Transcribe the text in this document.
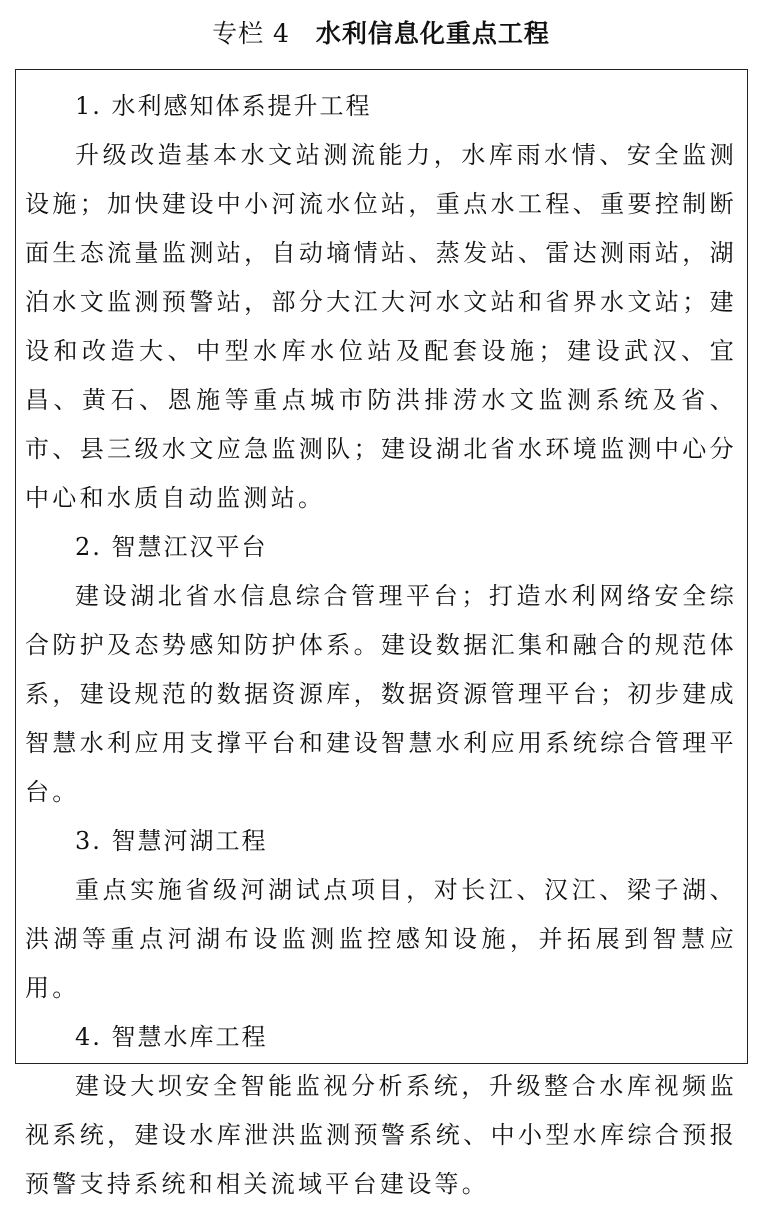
专栏 4 水利信息化重点工程

1. 水利感知体系提升工程

升级改造基本水文站测流能力，水库雨水情、安全监测设施；加快建设中小河流水位站，重点水工程、重要控制断面生态流量监测站，自动墒情站、蒸发站、雷达测雨站，湖泊水文监测预警站，部分大江大河水文站和省界水文站；建设和改造大、中型水库水位站及配套设施；建设武汉、宜昌、黄石、恩施等重点城市防洪排涝水文监测系统及省、市、县三级水文应急监测队；建设湖北省水环境监测中心分中心和水质自动监测站。

2. 智慧江汉平台

建设湖北省水信息综合管理平台；打造水利网络安全综合防护及态势感知防护体系。建设数据汇集和融合的规范体系，建设规范的数据资源库，数据资源管理平台；初步建成智慧水利应用支撑平台和建设智慧水利应用系统综合管理平台。

3. 智慧河湖工程

重点实施省级河湖试点项目，对长江、汉江、梁子湖、洪湖等重点河湖布设监测监控感知设施，并拓展到智慧应用。

4. 智慧水库工程

建设大坝安全智能监视分析系统，升级整合水库视频监视系统，建设水库泄洪监测预警系统、中小型水库综合预报预警支持系统和相关流域平台建设等。
